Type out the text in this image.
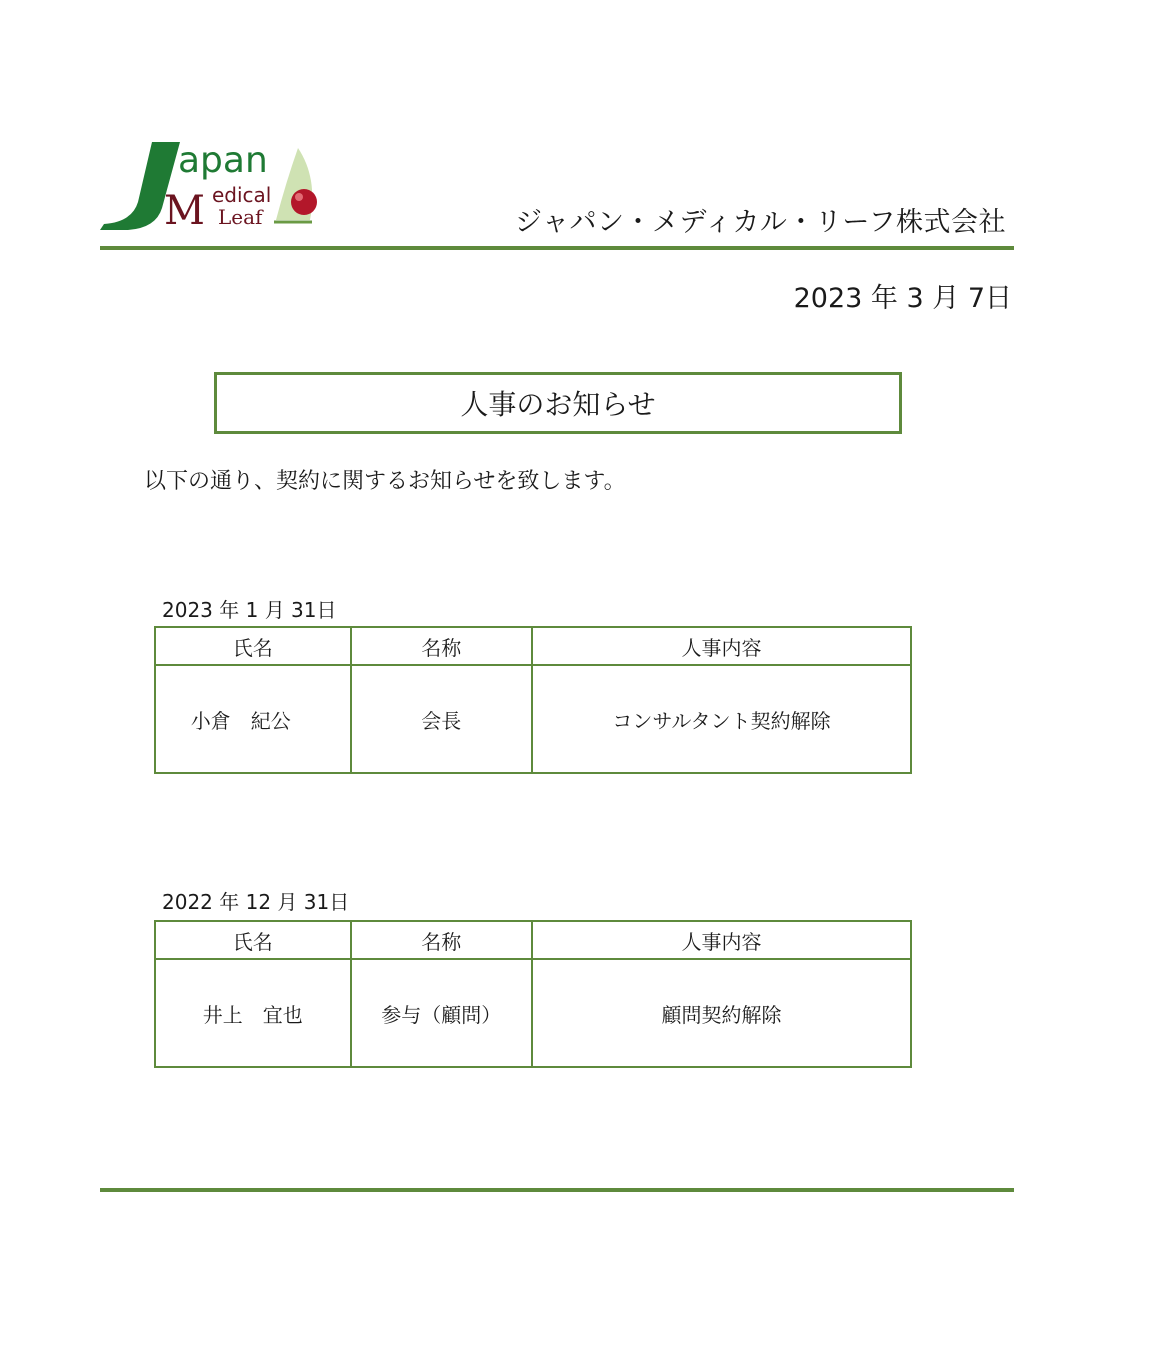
apan
M edical
Leaf	ジャパン・メディカル・リーフ株式会社
2023 年 3 月 7日
人事のお知らせ
以下の通り、契約に関するお知らせを致します。
2023 年 1 月 31日
氏名	名称	人事内容
小倉　紀公	会長	コンサルタント契約解除
2022 年 12 月 31日
氏名	名称	人事内容
井上　宜也	参与（顧問）	顧問契約解除
